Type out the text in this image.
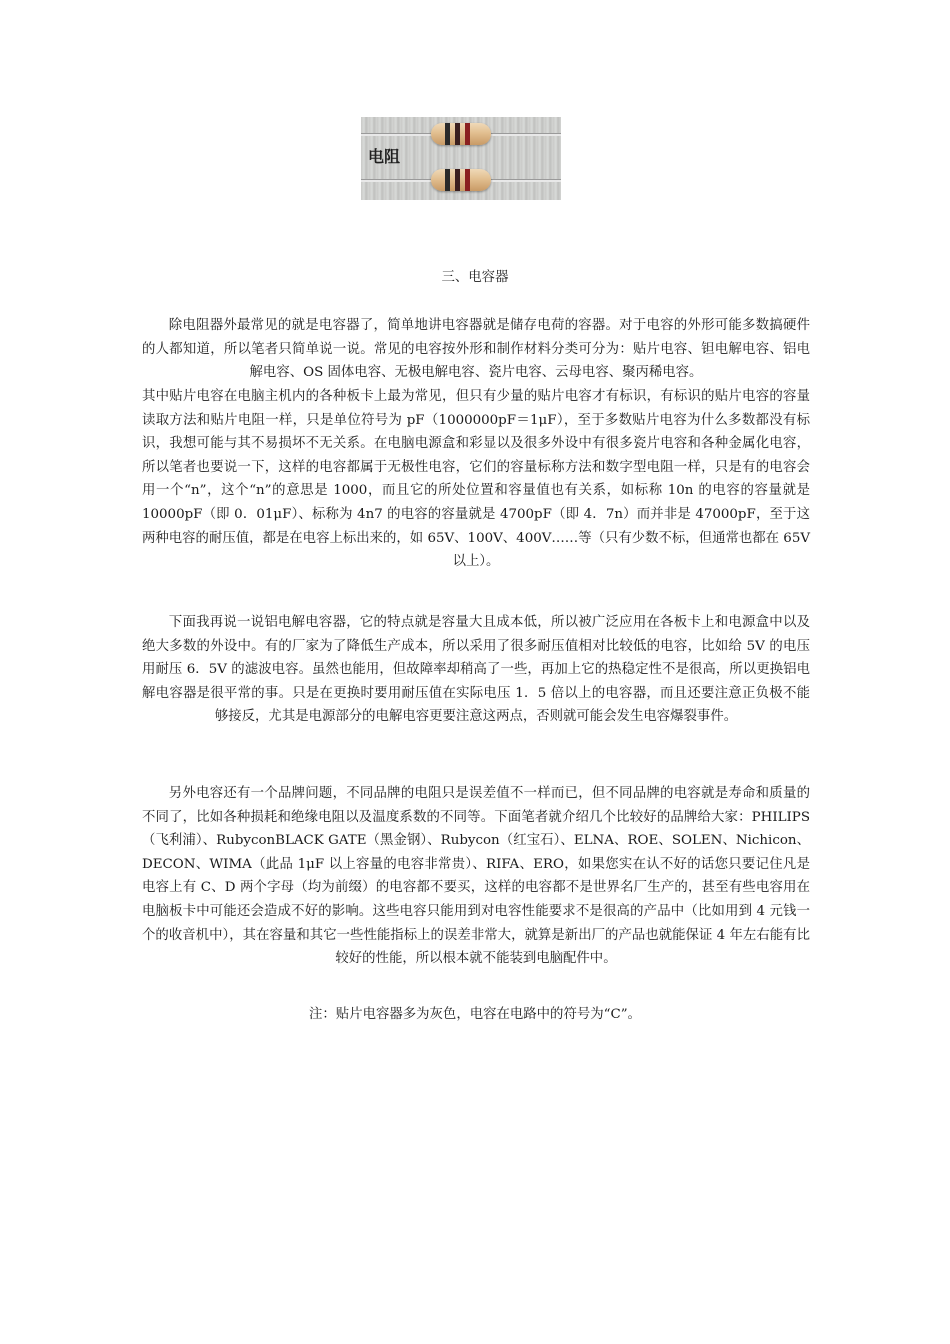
电阻
三、电容器

除电阻器外最常见的就是电容器了，简单地讲电容器就是储存电荷的容器。对于电容的外形可能多数搞硬件的人都知道，所以笔者只简单说一说。常见的电容按外形和制作材料分类可分为：贴片电容、钽电解电容、铝电解电容、OS 固体电容、无极电解电容、瓷片电容、云母电容、聚丙稀电容。

其中贴片电容在电脑主机内的各种板卡上最为常见，但只有少量的贴片电容才有标识，有标识的贴片电容的容量读取方法和贴片电阻一样，只是单位符号为 pF（1000000pF＝1μF），至于多数贴片电容为什么多数都没有标识，我想可能与其不易损坏不无关系。在电脑电源盒和彩显以及很多外设中有很多瓷片电容和各种金属化电容，所以笔者也要说一下，这样的电容都属于无极性电容，它们的容量标称方法和数字型电阻一样，只是有的电容会用一个“n”，这个“n”的意思是 1000，而且它的所处位置和容量值也有关系，如标称 10n 的电容的容量就是 10000pF（即 0．01μF）、标称为 4n7 的电容的容量就是 4700pF（即 4．7n）而并非是 47000pF，至于这两种电容的耐压值，都是在电容上标出来的，如 65V、100V、400V……等（只有少数不标，但通常也都在 65V 以上）。

下面我再说一说铝电解电容器，它的特点就是容量大且成本低，所以被广泛应用在各板卡上和电源盒中以及绝大多数的外设中。有的厂家为了降低生产成本，所以采用了很多耐压值相对比较低的电容，比如给 5V 的电压用耐压 6．5V 的滤波电容。虽然也能用，但故障率却稍高了一些，再加上它的热稳定性不是很高，所以更换铝电解电容器是很平常的事。只是在更换时要用耐压值在实际电压 1．5 倍以上的电容器，而且还要注意正负极不能够接反，尤其是电源部分的电解电容更要注意这两点，否则就可能会发生电容爆裂事件。

另外电容还有一个品牌问题，不同品牌的电阻只是误差值不一样而已，但不同品牌的电容就是寿命和质量的不同了，比如各种损耗和绝缘电阻以及温度系数的不同等。下面笔者就介绍几个比较好的品牌给大家：PHILIPS（飞利浦）、RubyconBLACK GATE（黑金钢）、Rubycon（红宝石）、ELNA、ROE、SOLEN、Nichicon、DECON、WIMA（此品 1μF 以上容量的电容非常贵）、RIFA、ERO，如果您实在认不好的话您只要记住凡是电容上有 C、D 两个字母（均为前缀）的电容都不要买，这样的电容都不是世界名厂生产的，甚至有些电容用在电脑板卡中可能还会造成不好的影响。这些电容只能用到对电容性能要求不是很高的产品中（比如用到 4 元钱一个的收音机中），其在容量和其它一些性能指标上的误差非常大，就算是新出厂的产品也就能保证 4 年左右能有比较好的性能，所以根本就不能装到电脑配件中。

注：贴片电容器多为灰色，电容在电路中的符号为“C”。
